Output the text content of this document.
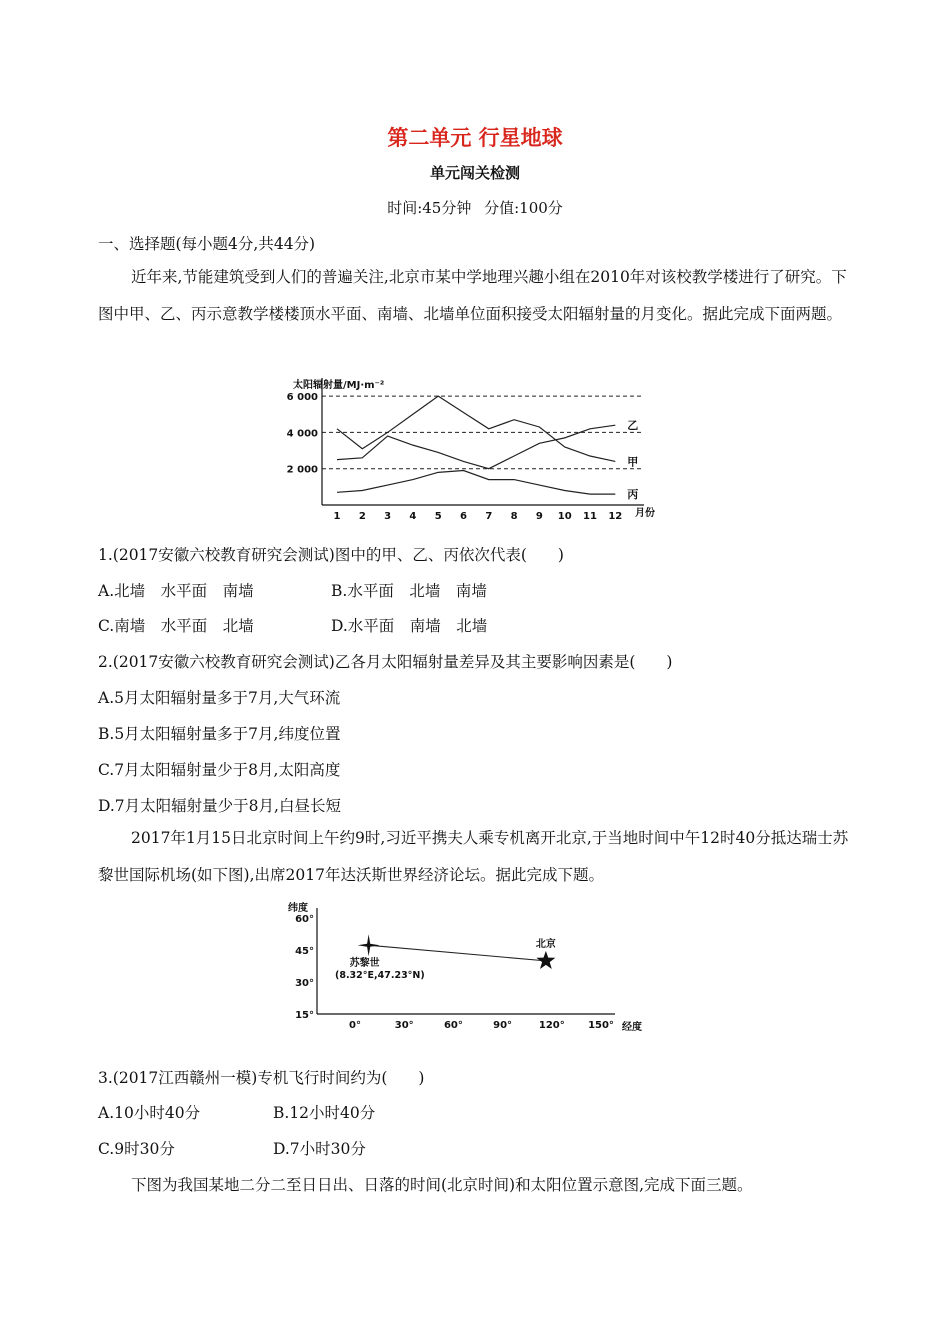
第二单元 行星地球
单元闯关检测
时间:45分钟 分值:100分
一、选择题(每小题4分,共44分)
近年来,节能建筑受到人们的普遍关注,北京市某中学地理兴趣小组在2010年对该校教学楼进行了研究。下图中甲、乙、丙示意教学楼楼顶水平面、南墙、北墙单位面积接受太阳辐射量的月变化。据此完成下面两题。
太阳辐射量/MJ·m⁻²
2 000
4 000
6 000
1 2 3 4 5 6 7 8 9 10 11 12
甲
乙
丙
月份
1.(2017安徽六校教育研究会测试)图中的甲、乙、丙依次代表(　　)
A.北墙　水平面　南墙	B.水平面　北墙　南墙
C.南墙　水平面　北墙	D.水平面　南墙　北墙
2.(2017安徽六校教育研究会测试)乙各月太阳辐射量差异及其主要影响因素是(　　)
A.5月太阳辐射量多于7月,大气环流
B.5月太阳辐射量多于7月,纬度位置
C.7月太阳辐射量少于8月,太阳高度
D.7月太阳辐射量少于8月,白昼长短
2017年1月15日北京时间上午约9时,习近平携夫人乘专机离开北京,于当地时间中午12时40分抵达瑞士苏黎世国际机场(如下图),出席2017年达沃斯世界经济论坛。据此完成下题。
纬度
15°
30°
45°
60°
0°	30°	60°	90°	120° 150°
北京
苏黎世
(8.32°E,47.23°N)
经度
3.(2017江西赣州一模)专机飞行时间约为(　　)
A.10小时40分	B.12小时40分
C.9时30分	D.7小时30分
下图为我国某地二分二至日日出、日落的时间(北京时间)和太阳位置示意图,完成下面三题。
